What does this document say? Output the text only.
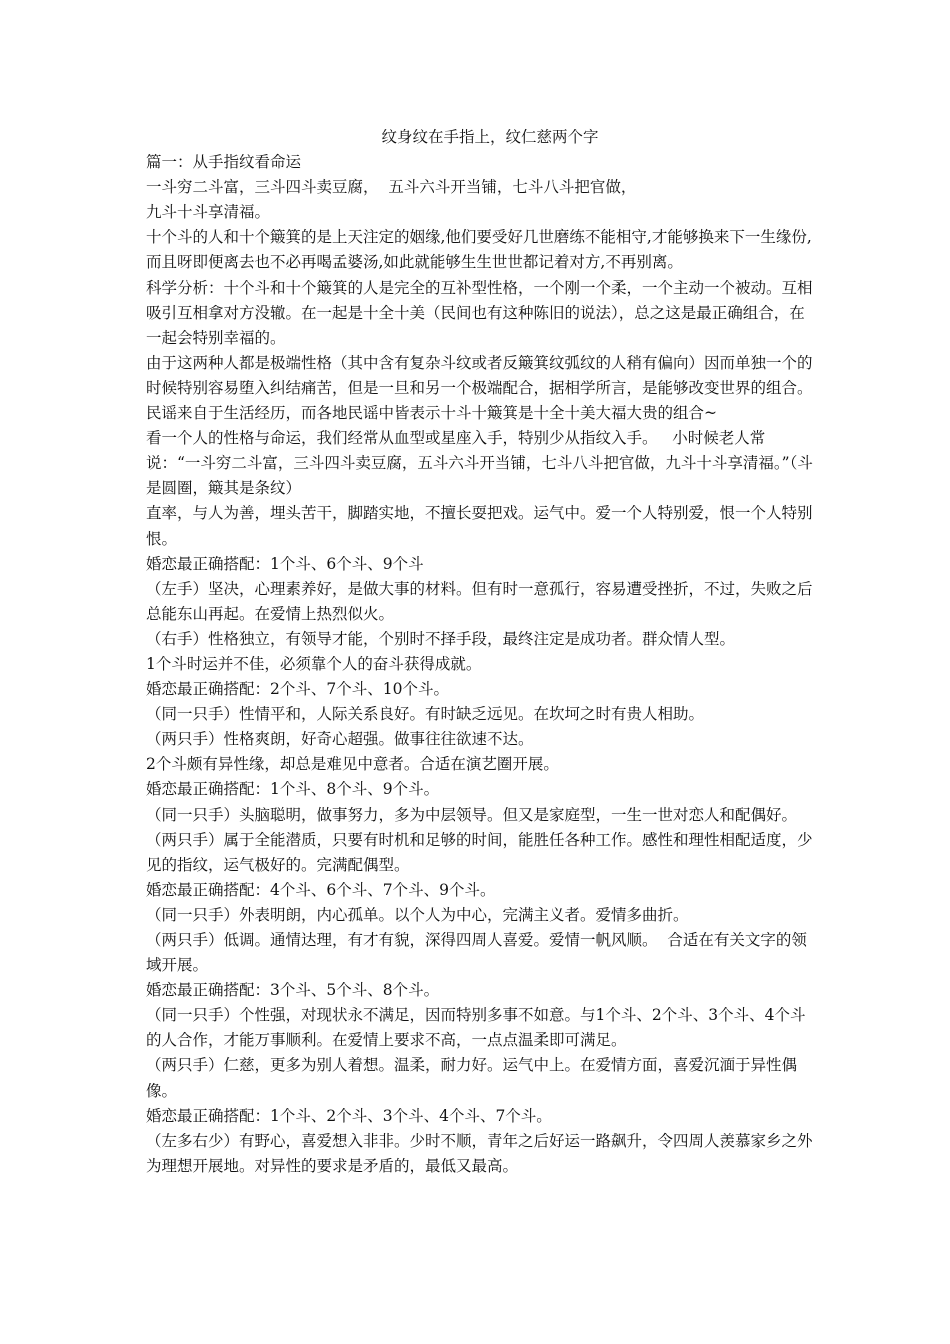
纹身纹在手指上，纹仁慈两个字

篇一：从手指纹看命运

一斗穷二斗富，三斗四斗卖豆腐，  五斗六斗开当铺，七斗八斗把官做，

九斗十斗享清福。

十个斗的人和十个簸箕的是上天注定的姻缘,他们要受好几世磨练不能相守,才能够换来下一生缘份,而且呀即便离去也不必再喝孟婆汤,如此就能够生生世世都记着对方,不再别离。

科学分析：十个斗和十个簸箕的人是完全的互补型性格，一个刚一个柔，一个主动一个被动。互相吸引互相拿对方没辙。在一起是十全十美（民间也有这种陈旧的说法），总之这是最正确组合，在一起会特别幸福的。

由于这两种人都是极端性格（其中含有复杂斗纹或者反簸箕纹弧纹的人稍有偏向）因而单独一个的时候特别容易堕入纠结痛苦，但是一旦和另一个极端配合，据相学所言，是能够改变世界的组合。

民谣来自于生活经历，而各地民谣中皆表示十斗十簸箕是十全十美大福大贵的组合~

看一个人的性格与命运，我们经常从血型或星座入手，特别少从指纹入手。   小时候老人常说：“一斗穷二斗富，三斗四斗卖豆腐，五斗六斗开当铺，七斗八斗把官做，九斗十斗享清福。”（斗是圆圈，簸其是条纹）

直率，与人为善，埋头苦干，脚踏实地，不擅长耍把戏。运气中。爱一个人特别爱，恨一个人特别恨。

婚恋最正确搭配：1个斗、6个斗、9个斗

（左手）坚决，心理素养好，是做大事的材料。但有时一意孤行，容易遭受挫折，不过，失败之后总能东山再起。在爱情上热烈似火。

（右手）性格独立，有领导才能，个别时不择手段，最终注定是成功者。群众情人型。

1个斗时运并不佳，必须靠个人的奋斗获得成就。

婚恋最正确搭配：2个斗、7个斗、10个斗。

（同一只手）性情平和，人际关系良好。有时缺乏远见。在坎坷之时有贵人相助。

（两只手）性格爽朗，好奇心超强。做事往往欲速不达。

2个斗颇有异性缘，却总是难见中意者。合适在演艺圈开展。

婚恋最正确搭配：1个斗、8个斗、9个斗。

（同一只手）头脑聪明，做事努力，多为中层领导。但又是家庭型，一生一世对恋人和配偶好。

（两只手）属于全能潜质，只要有时机和足够的时间，能胜任各种工作。感性和理性相配适度，少见的指纹，运气极好的。完满配偶型。

婚恋最正确搭配：4个斗、6个斗、7个斗、9个斗。

（同一只手）外表明朗，内心孤单。以个人为中心，完满主义者。爱情多曲折。

（两只手）低调。通情达理，有才有貌，深得四周人喜爱。爱情一帆风顺。  合适在有关文字的领域开展。

婚恋最正确搭配：3个斗、5个斗、8个斗。

（同一只手）个性强，对现状永不满足，因而特别多事不如意。与1个斗、2个斗、3个斗、4个斗的人合作，才能万事顺利。在爱情上要求不高，一点点温柔即可满足。

（两只手）仁慈，更多为别人着想。温柔，耐力好。运气中上。在爱情方面，喜爱沉湎于异性偶像。

婚恋最正确搭配：1个斗、2个斗、3个斗、4个斗、7个斗。

（左多右少）有野心，喜爱想入非非。少时不顺，青年之后好运一路飙升，令四周人羡慕家乡之外为理想开展地。对异性的要求是矛盾的，最低又最高。
